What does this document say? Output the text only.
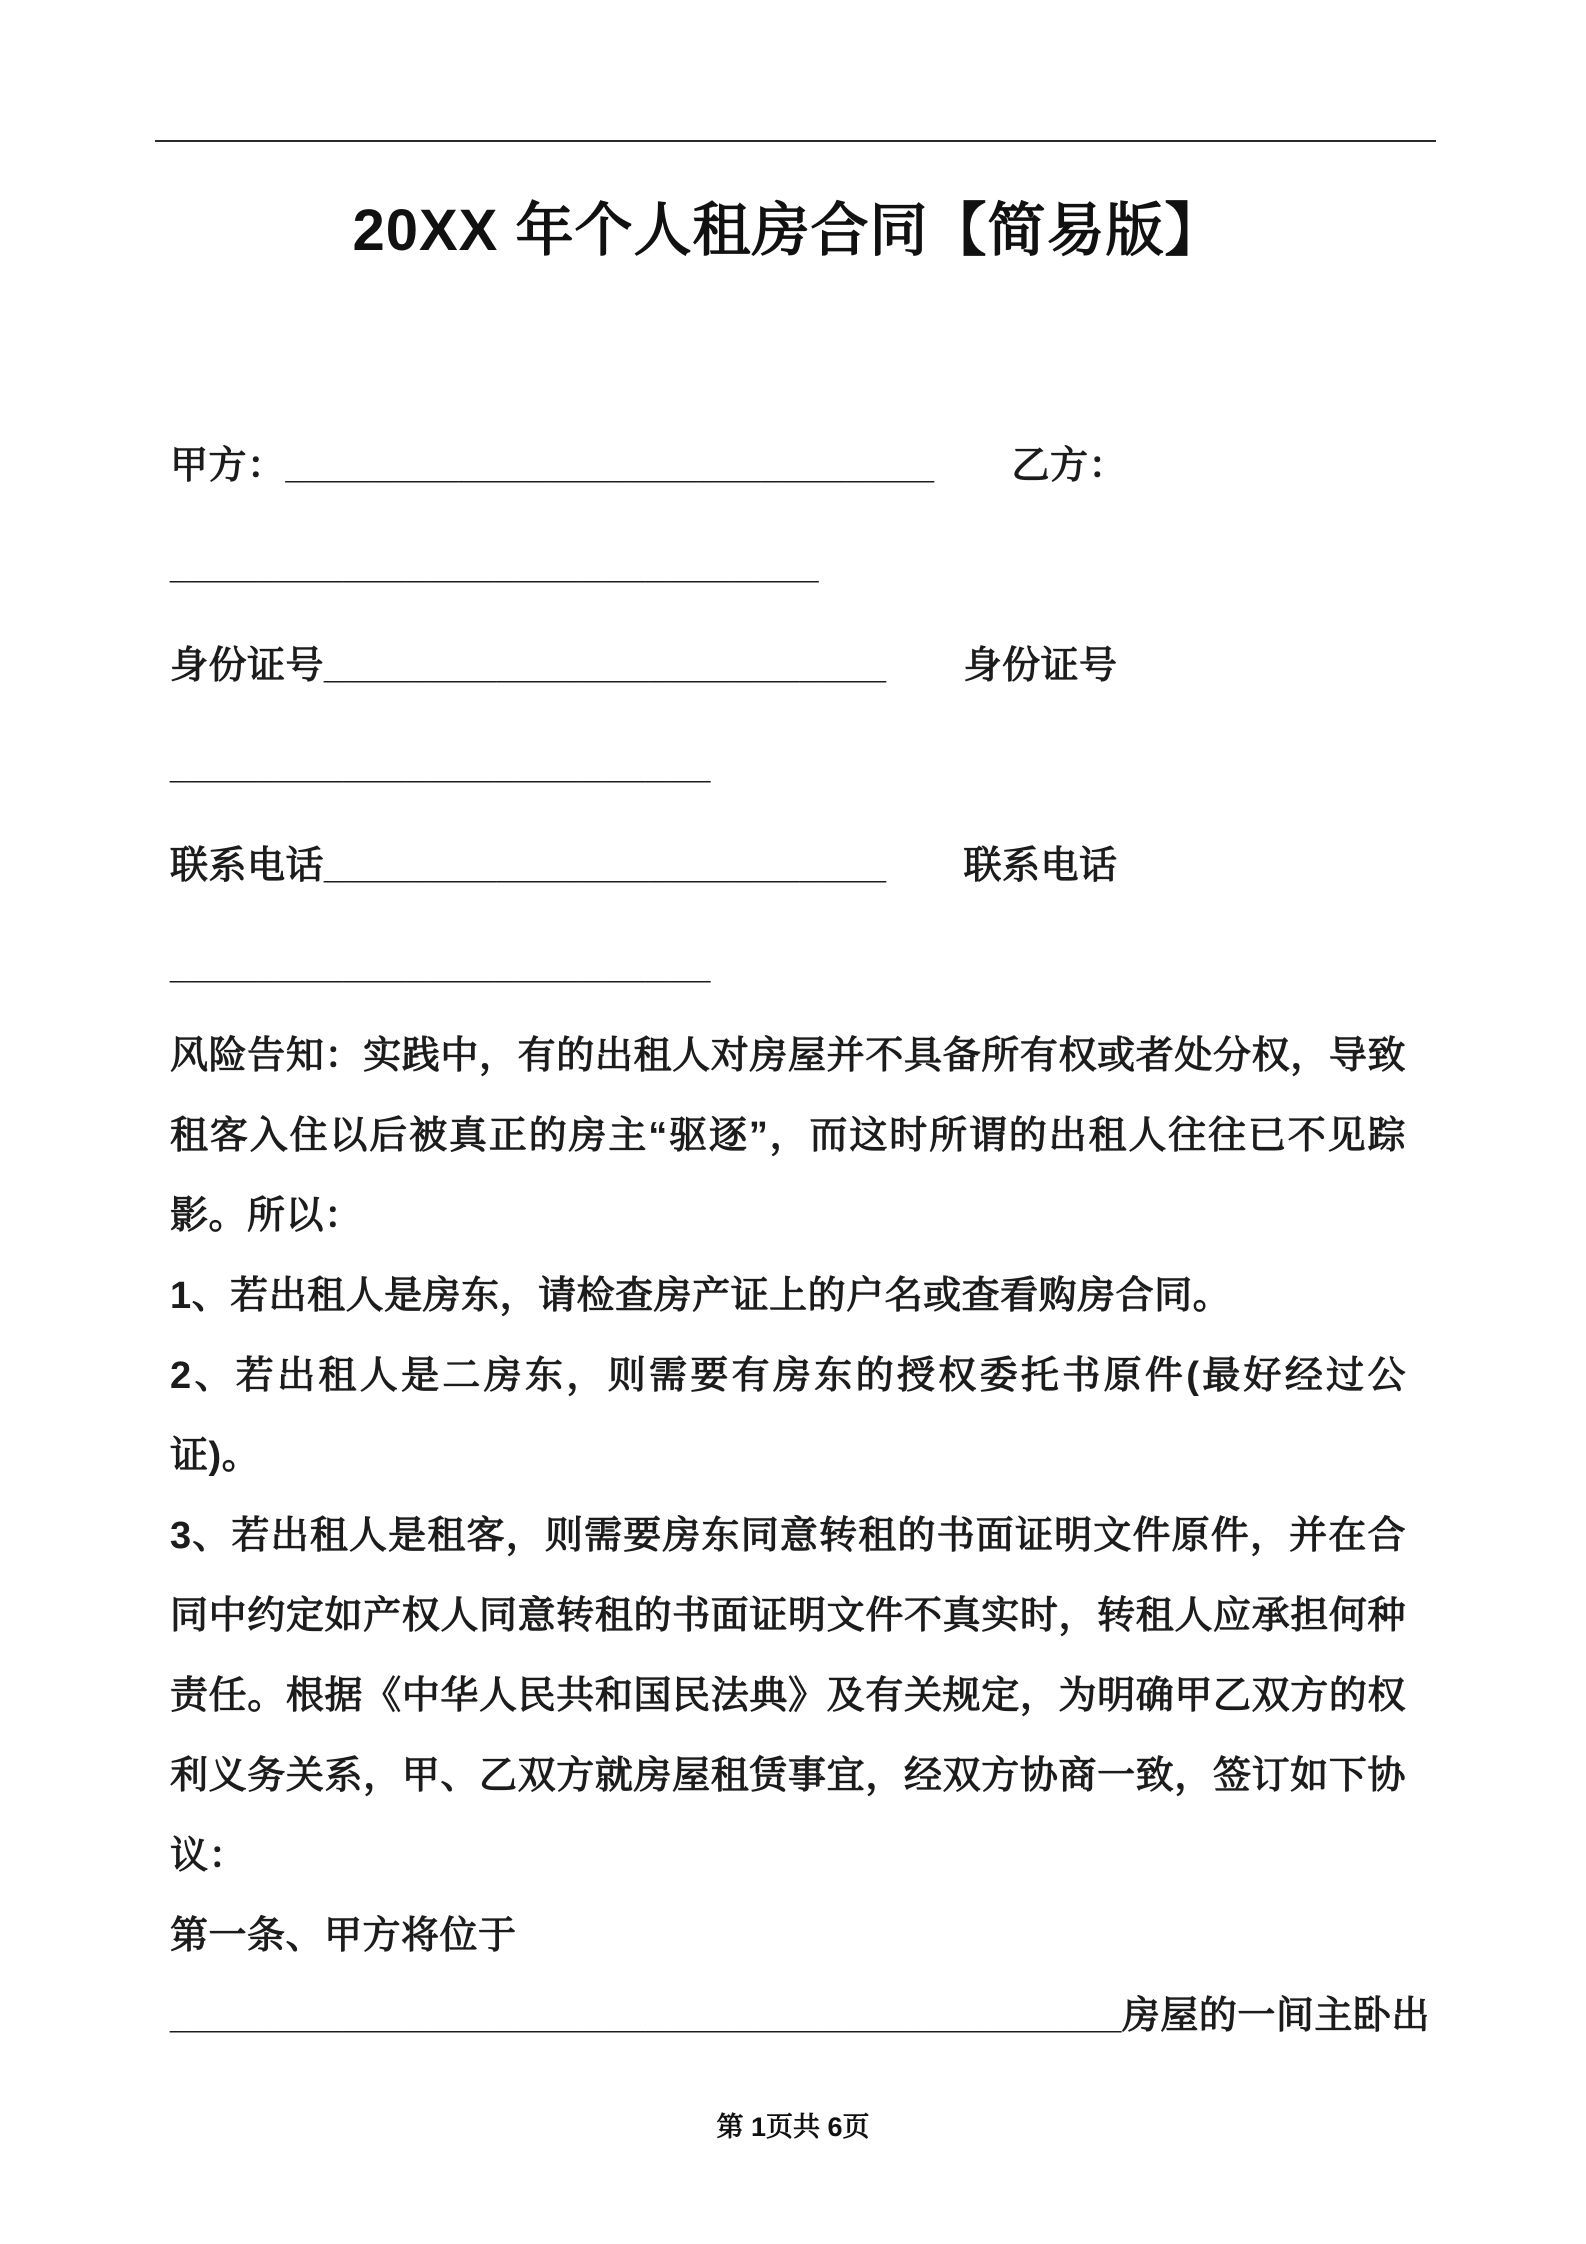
20XX 年个人租房合同【简易版】
甲方：______________________________　　乙方：
______________________________
身份证号__________________________　　身份证号
_________________________
联系电话__________________________　　联系电话
_________________________

风险告知：实践中，有的出租人对房屋并不具备所有权或者处分权，导致租客入住以后被真正的房主“驱逐”，而这时所谓的出租人往往已不见踪影。所以：

1、若出租人是房东，请检查房产证上的户名或查看购房合同。

2、若出租人是二房东，则需要有房东的授权委托书原件(最好经过公证)。

3、若出租人是租客，则需要房东同意转租的书面证明文件原件，并在合同中约定如产权人同意转租的书面证明文件不真实时，转租人应承担何种责任。根据《中华人民共和国民法典》及有关规定，为明确甲乙双方的权利义务关系，甲、乙双方就房屋租赁事宜，经双方协商一致，签订如下协议：

第一条、甲方将位于

____________________________________________房屋的一间主卧出

第 1页共 6页
